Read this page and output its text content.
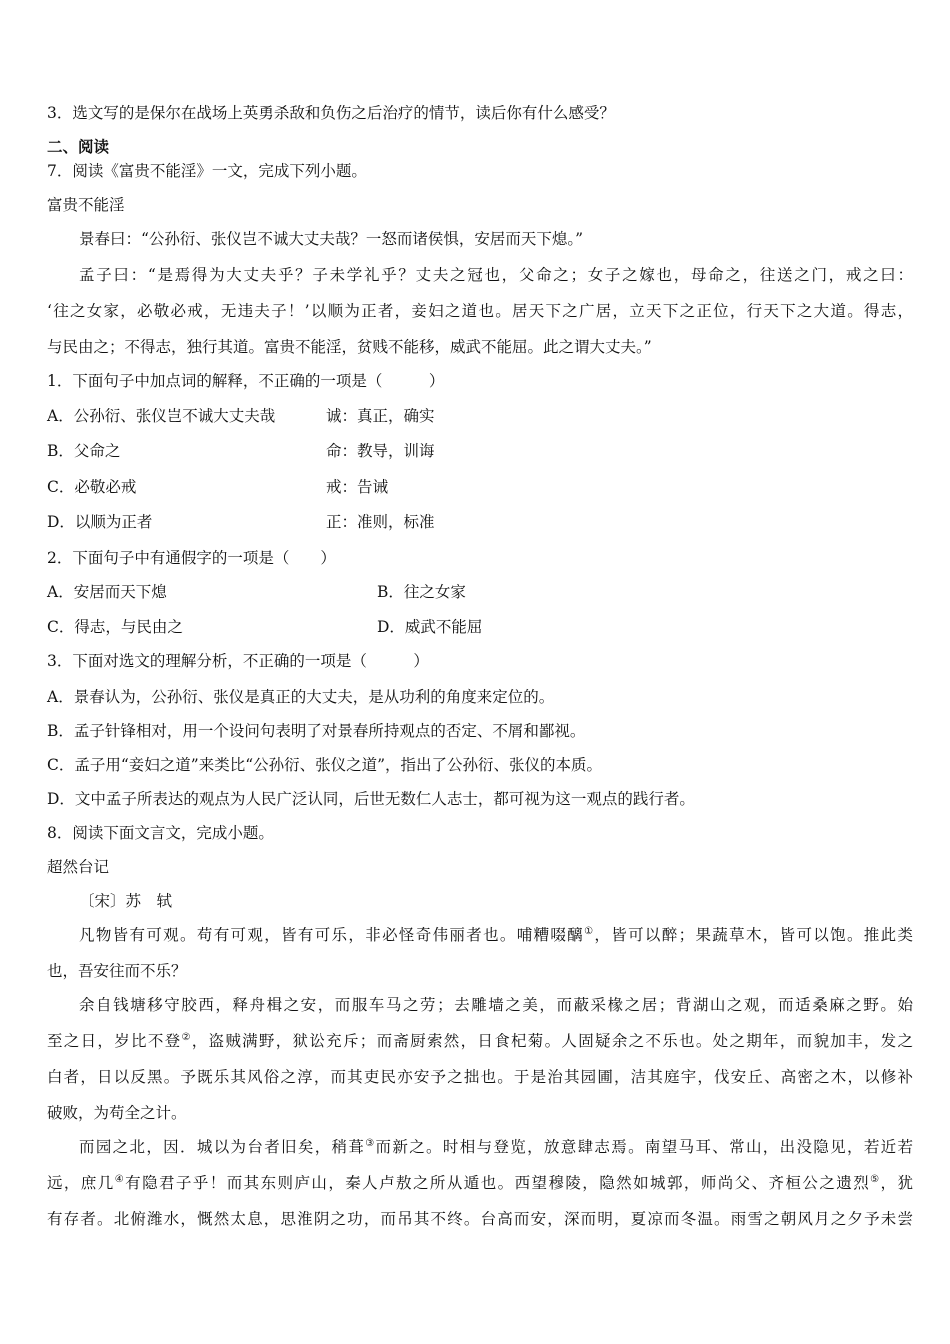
3．选文写的是保尔在战场上英勇杀敌和负伤之后治疗的情节，读后你有什么感受？
二、阅读
7．阅读《富贵不能淫》一文，完成下列小题。
富贵不能淫
景春曰：“公孙衍、张仪岂不诚大丈夫哉？一怒而诸侯惧，安居而天下熄。”
孟子曰：“是焉得为大丈夫乎？子未学礼乎？丈夫之冠也，父命之；女子之嫁也，母命之，往送之门，戒之曰：
‘往之女家，必敬必戒，无违夫子！’以顺为正者，妾妇之道也。居天下之广居，立天下之正位，行天下之大道。得志，
与民由之；不得志，独行其道。富贵不能淫，贫贱不能移，威武不能屈。此之谓大丈夫。”
1．下面句子中加点词的解释，不正确的一项是（　　　）
A．公孙衍、张仪岂不诚大丈夫哉	诚：真正，确实
B．父命之	命：教导，训诲
C．必敬必戒	戒：告诫
D．以顺为正者	正：准则，标准
2．下面句子中有通假字的一项是（　　）
A．安居而天下熄	B．往之女家
C．得志，与民由之	D．威武不能屈
3．下面对选文的理解分析，不正确的一项是（　　　）
A．景春认为，公孙衍、张仪是真正的大丈夫，是从功利的角度来定位的。
B．孟子针锋相对，用一个设问句表明了对景春所持观点的否定、不屑和鄙视。
C．孟子用“妾妇之道”来类比“公孙衍、张仪之道”，指出了公孙衍、张仪的本质。
D．文中孟子所表达的观点为人民广泛认同，后世无数仁人志士，都可视为这一观点的践行者。
8．阅读下面文言文，完成小题。
超然台记
〔宋〕苏　轼
凡物皆有可观。苟有可观，皆有可乐，非必怪奇伟丽者也。哺糟啜醨①，皆可以醉；果蔬草木，皆可以饱。推此类
也，吾安往而不乐？
余自钱塘移守胶西，释舟楫之安，而服车马之劳；去雕墙之美，而蔽采椽之居；背湖山之观，而适桑麻之野。始
至之日，岁比不登②，盗贼满野，狱讼充斥；而斋厨索然，日食杞菊。人固疑余之不乐也。处之期年，而貌加丰，发之
白者，日以反黑。予既乐其风俗之淳，而其吏民亦安予之拙也。于是治其园圃，洁其庭宇，伐安丘、高密之木，以修补
破败，为苟全之计。
而园之北，因．城以为台者旧矣，稍葺③而新之。时相与登览，放意肆志焉。南望马耳、常山，出没隐见，若近若
远，庶几④有隐君子乎！而其东则庐山，秦人卢敖之所从遁也。西望穆陵，隐然如城郭，师尚父、齐桓公之遗烈⑤，犹
有存者。北俯潍水，慨然太息，思淮阴之功，而吊其不终。台高而安，深而明，夏凉而冬温。雨雪之朝风月之夕予未尝
